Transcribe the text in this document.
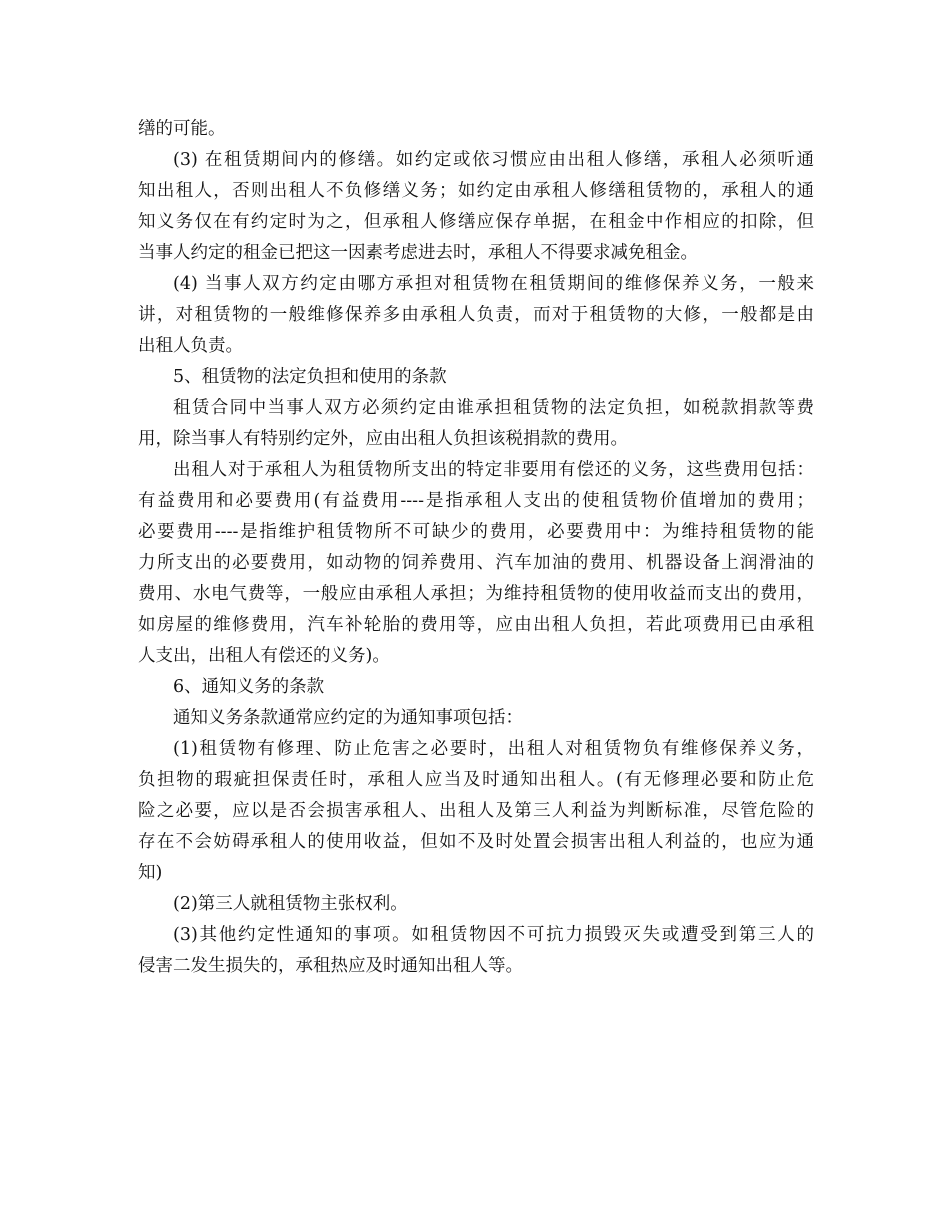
缮的可能。
(3) 在租赁期间内的修缮。如约定或依习惯应由出租人修缮，承租人必须听通
知出租人，否则出租人不负修缮义务；如约定由承租人修缮租赁物的，承租人的通
知义务仅在有约定时为之，但承租人修缮应保存单据，在租金中作相应的扣除，但
当事人约定的租金已把这一因素考虑进去时，承租人不得要求减免租金。
(4) 当事人双方约定由哪方承担对租赁物在租赁期间的维修保养义务，一般来
讲，对租赁物的一般维修保养多由承租人负责，而对于租赁物的大修，一般都是由
出租人负责。
5、租赁物的法定负担和使用的条款
租赁合同中当事人双方必须约定由谁承担租赁物的法定负担，如税款捐款等费
用，除当事人有特别约定外，应由出租人负担该税捐款的费用。
出租人对于承租人为租赁物所支出的特定非要用有偿还的义务，这些费用包括：
有益费用和必要费用(有益费用----是指承租人支出的使租赁物价值增加的费用；
必要费用----是指维护租赁物所不可缺少的费用，必要费用中：为维持租赁物的能
力所支出的必要费用，如动物的饲养费用、汽车加油的费用、机器设备上润滑油的
费用、水电气费等，一般应由承租人承担；为维持租赁物的使用收益而支出的费用，
如房屋的维修费用，汽车补轮胎的费用等，应由出租人负担，若此项费用已由承租
人支出，出租人有偿还的义务)。
6、通知义务的条款
通知义务条款通常应约定的为通知事项包括：
(1)租赁物有修理、防止危害之必要时，出租人对租赁物负有维修保养义务，
负担物的瑕疵担保责任时，承租人应当及时通知出租人。(有无修理必要和防止危
险之必要，应以是否会损害承租人、出租人及第三人利益为判断标准，尽管危险的
存在不会妨碍承租人的使用收益，但如不及时处置会损害出租人利益的，也应为通
知)
(2)第三人就租赁物主张权利。
(3)其他约定性通知的事项。如租赁物因不可抗力损毁灭失或遭受到第三人的
侵害二发生损失的，承租热应及时通知出租人等。
